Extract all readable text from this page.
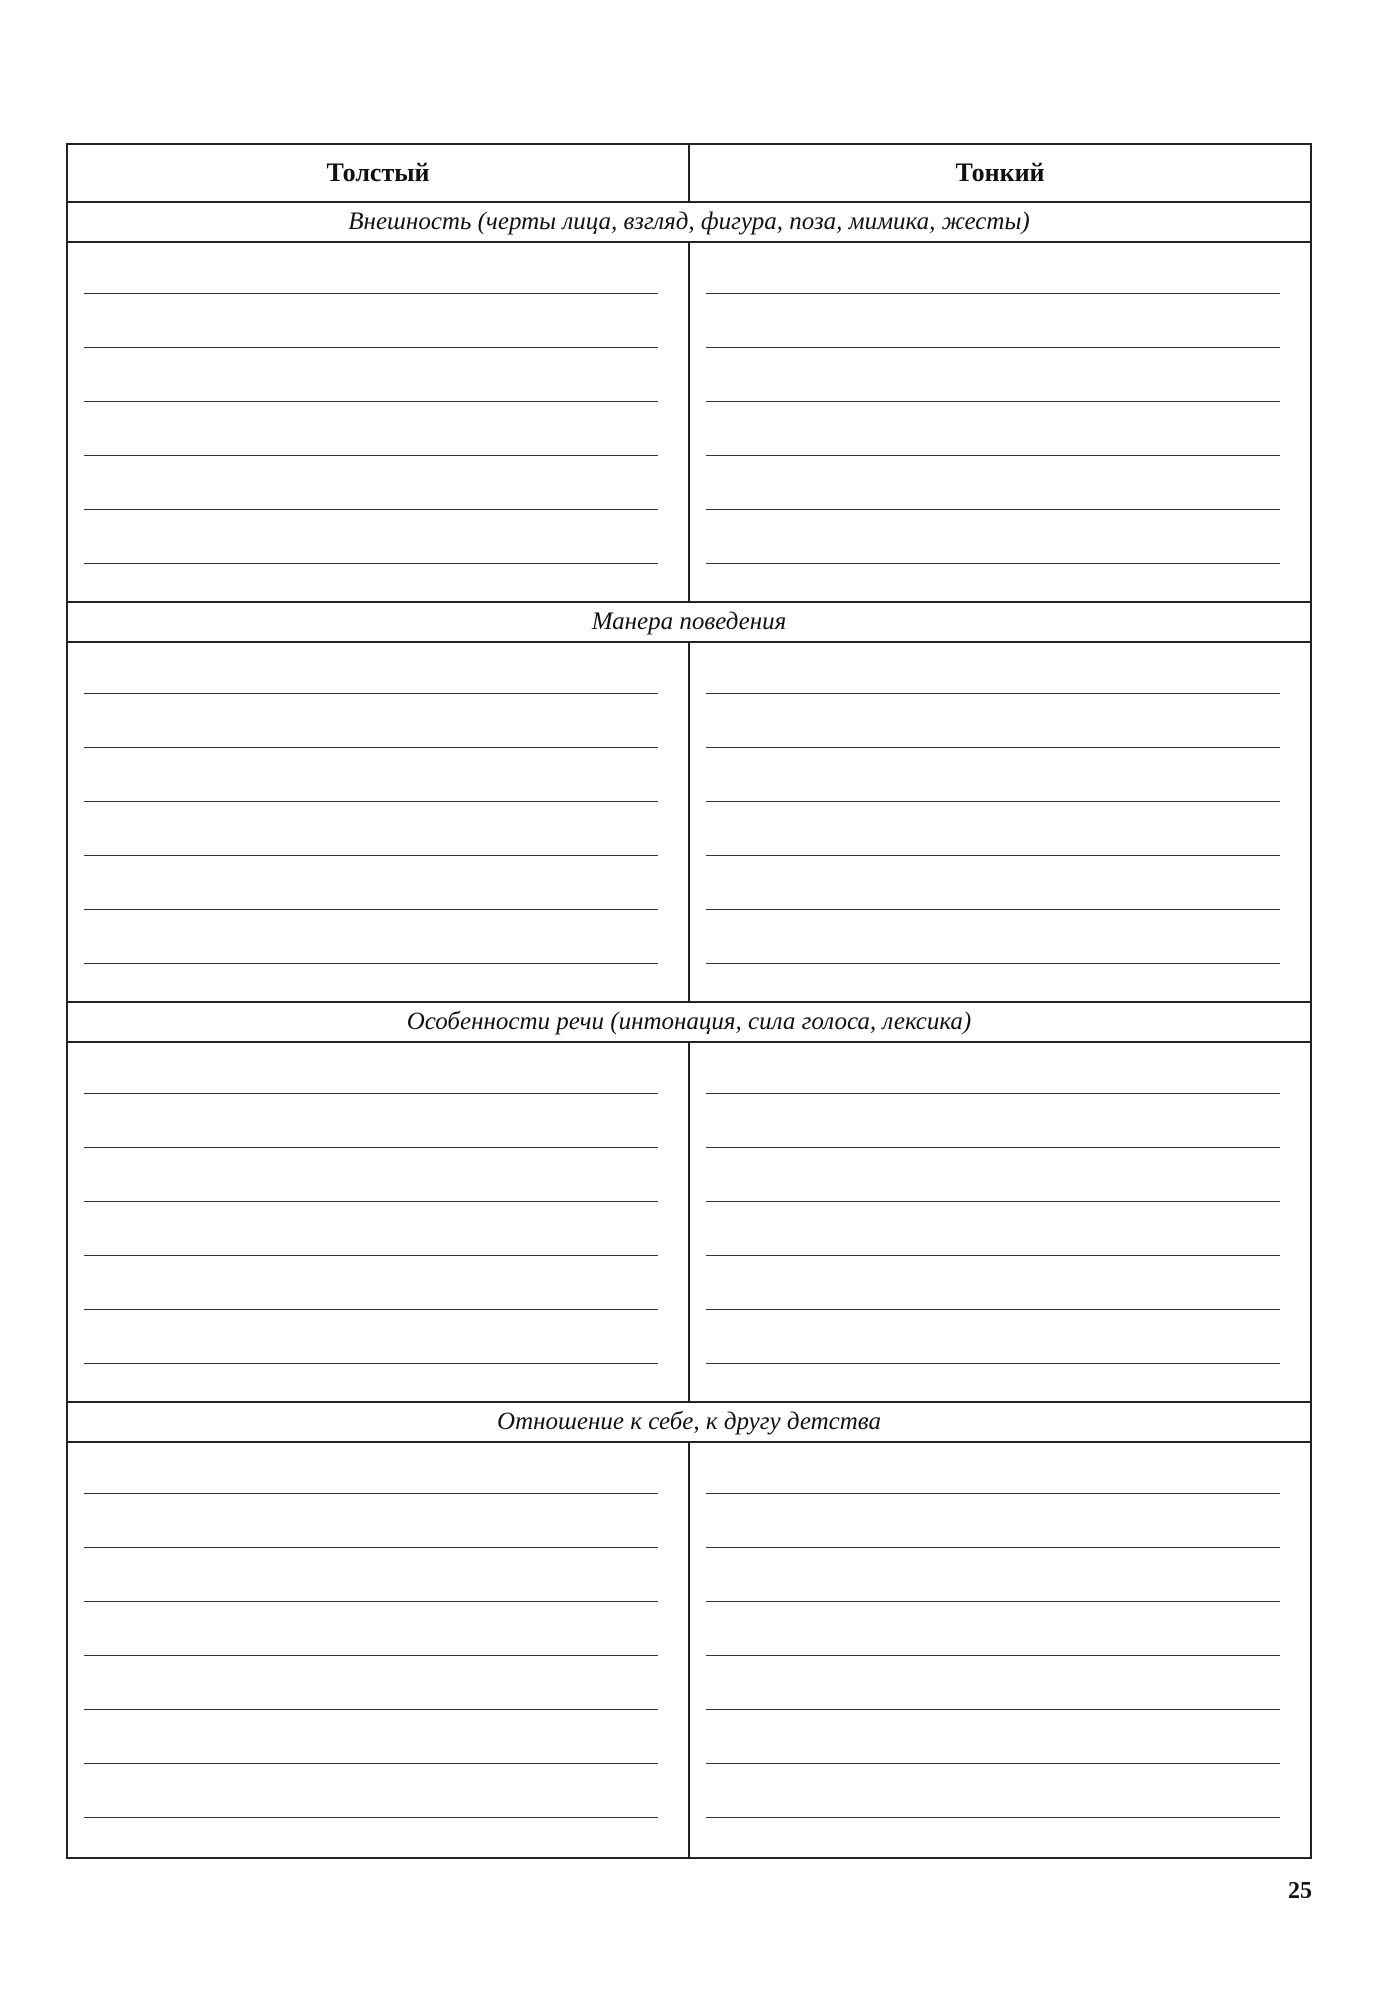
Толстый	Тонкий
Внешность (черты лица, взгляд, фигура, поза, мимика, жесты)
Манера поведения
Особенности речи (интонация, сила голоса, лексика)
Отношение к себе, к другу детства
25
